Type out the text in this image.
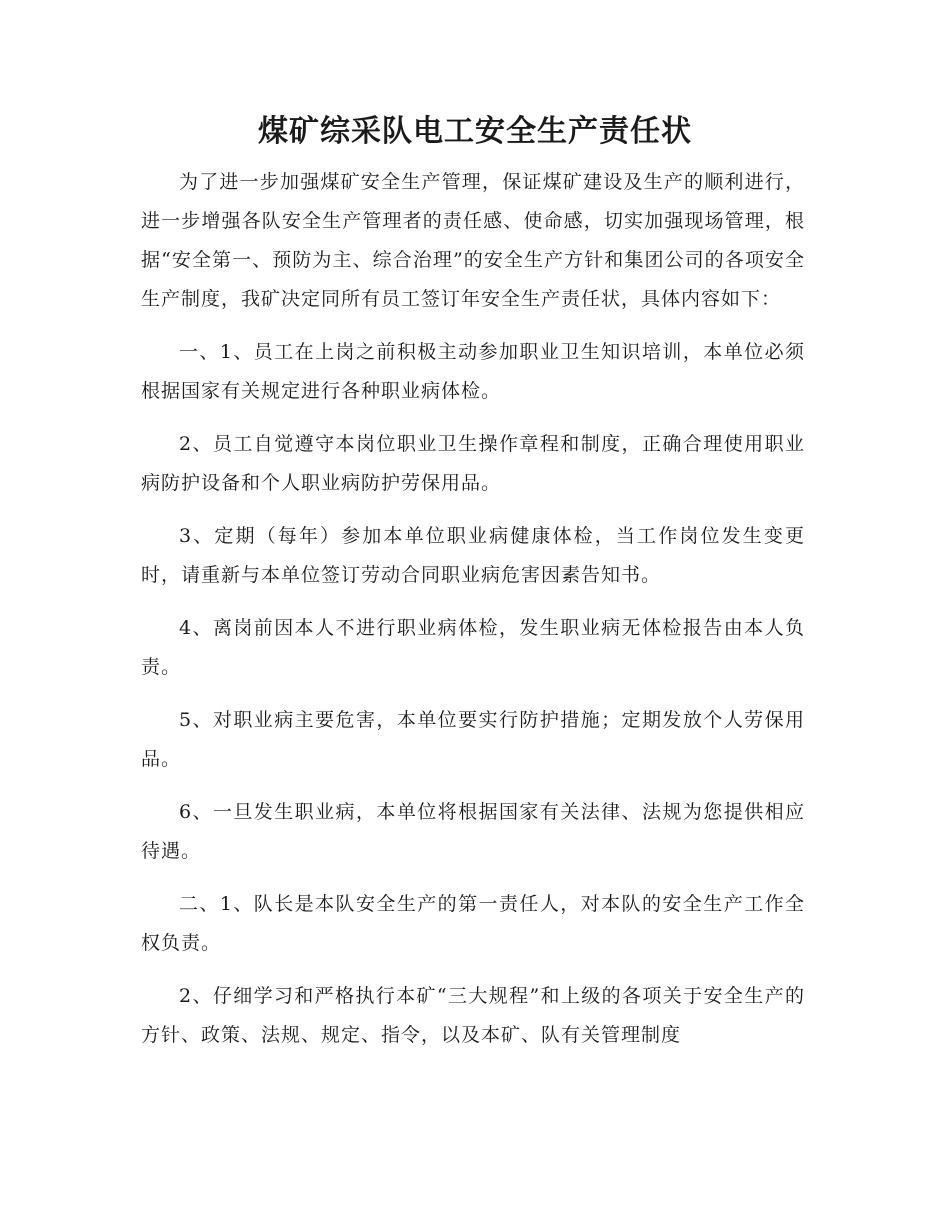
煤矿综采队电工安全生产责任状

为了进一步加强煤矿安全生产管理，保证煤矿建设及生产的顺利进行，进一步增强各队安全生产管理者的责任感、使命感，切实加强现场管理，根据“安全第一、预防为主、综合治理”的安全生产方针和集团公司的各项安全生产制度，我矿决定同所有员工签订年安全生产责任状，具体内容如下：

一、1、员工在上岗之前积极主动参加职业卫生知识培训，本单位必须根据国家有关规定进行各种职业病体检。

2、员工自觉遵守本岗位职业卫生操作章程和制度，正确合理使用职业病防护设备和个人职业病防护劳保用品。

3、定期（每年）参加本单位职业病健康体检，当工作岗位发生变更时，请重新与本单位签订劳动合同职业病危害因素告知书。

4、离岗前因本人不进行职业病体检，发生职业病无体检报告由本人负责。

5、对职业病主要危害，本单位要实行防护措施；定期发放个人劳保用品。

6、一旦发生职业病，本单位将根据国家有关法律、法规为您提供相应待遇。

二、1、队长是本队安全生产的第一责任人，对本队的安全生产工作全权负责。

2、仔细学习和严格执行本矿“三大规程”和上级的各项关于安全生产的方针、政策、法规、规定、指令，以及本矿、队有关管理制度
